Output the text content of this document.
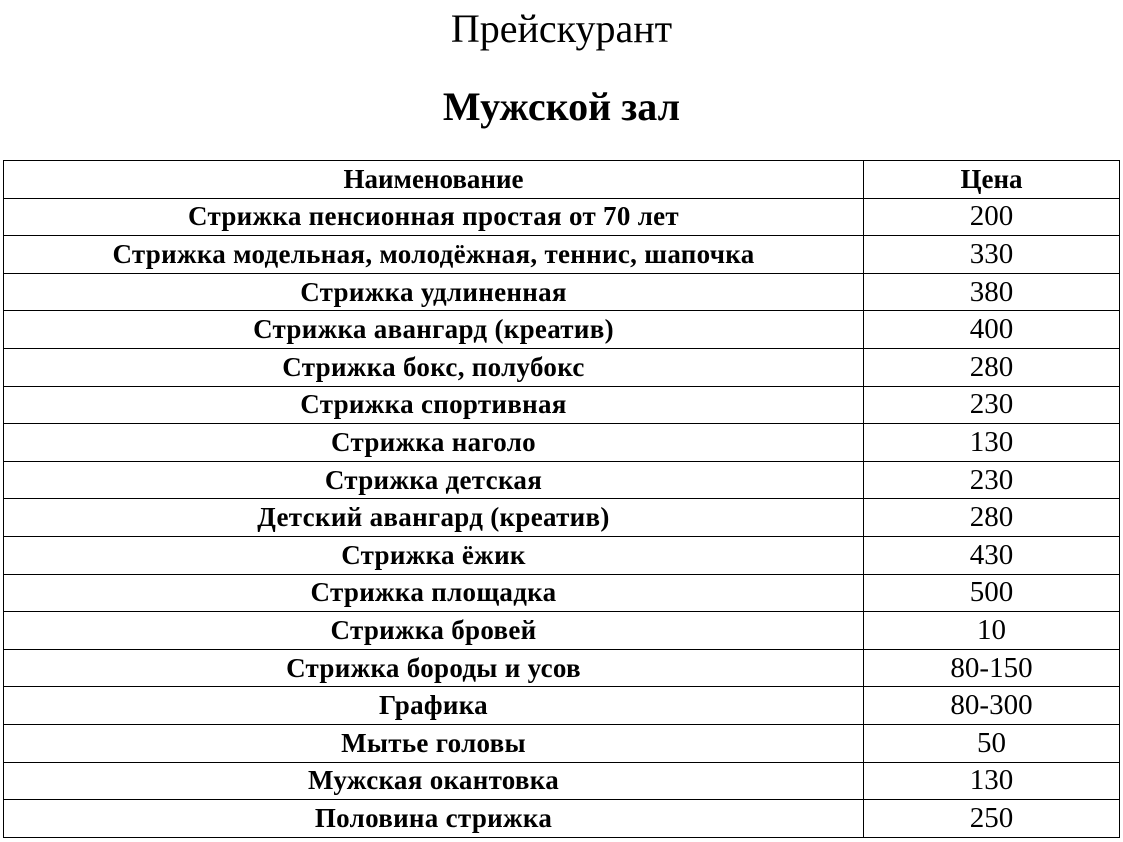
Прейскурант
Мужской зал
Наименование	Цена
Стрижка пенсионная простая от 70 лет	200
Стрижка модельная, молодёжная, теннис, шапочка	330
Стрижка удлиненная	380
Стрижка авангард (креатив)	400
Стрижка бокс, полубокс	280
Стрижка спортивная	230
Стрижка наголо	130
Стрижка детская	230
Детский авангард (креатив)	280
Стрижка ёжик	430
Стрижка площадка	500
Стрижка бровей	10
Стрижка бороды и усов	80-150
Графика	80-300
Мытье головы	50
Мужская окантовка	130
Половина стрижка	250
